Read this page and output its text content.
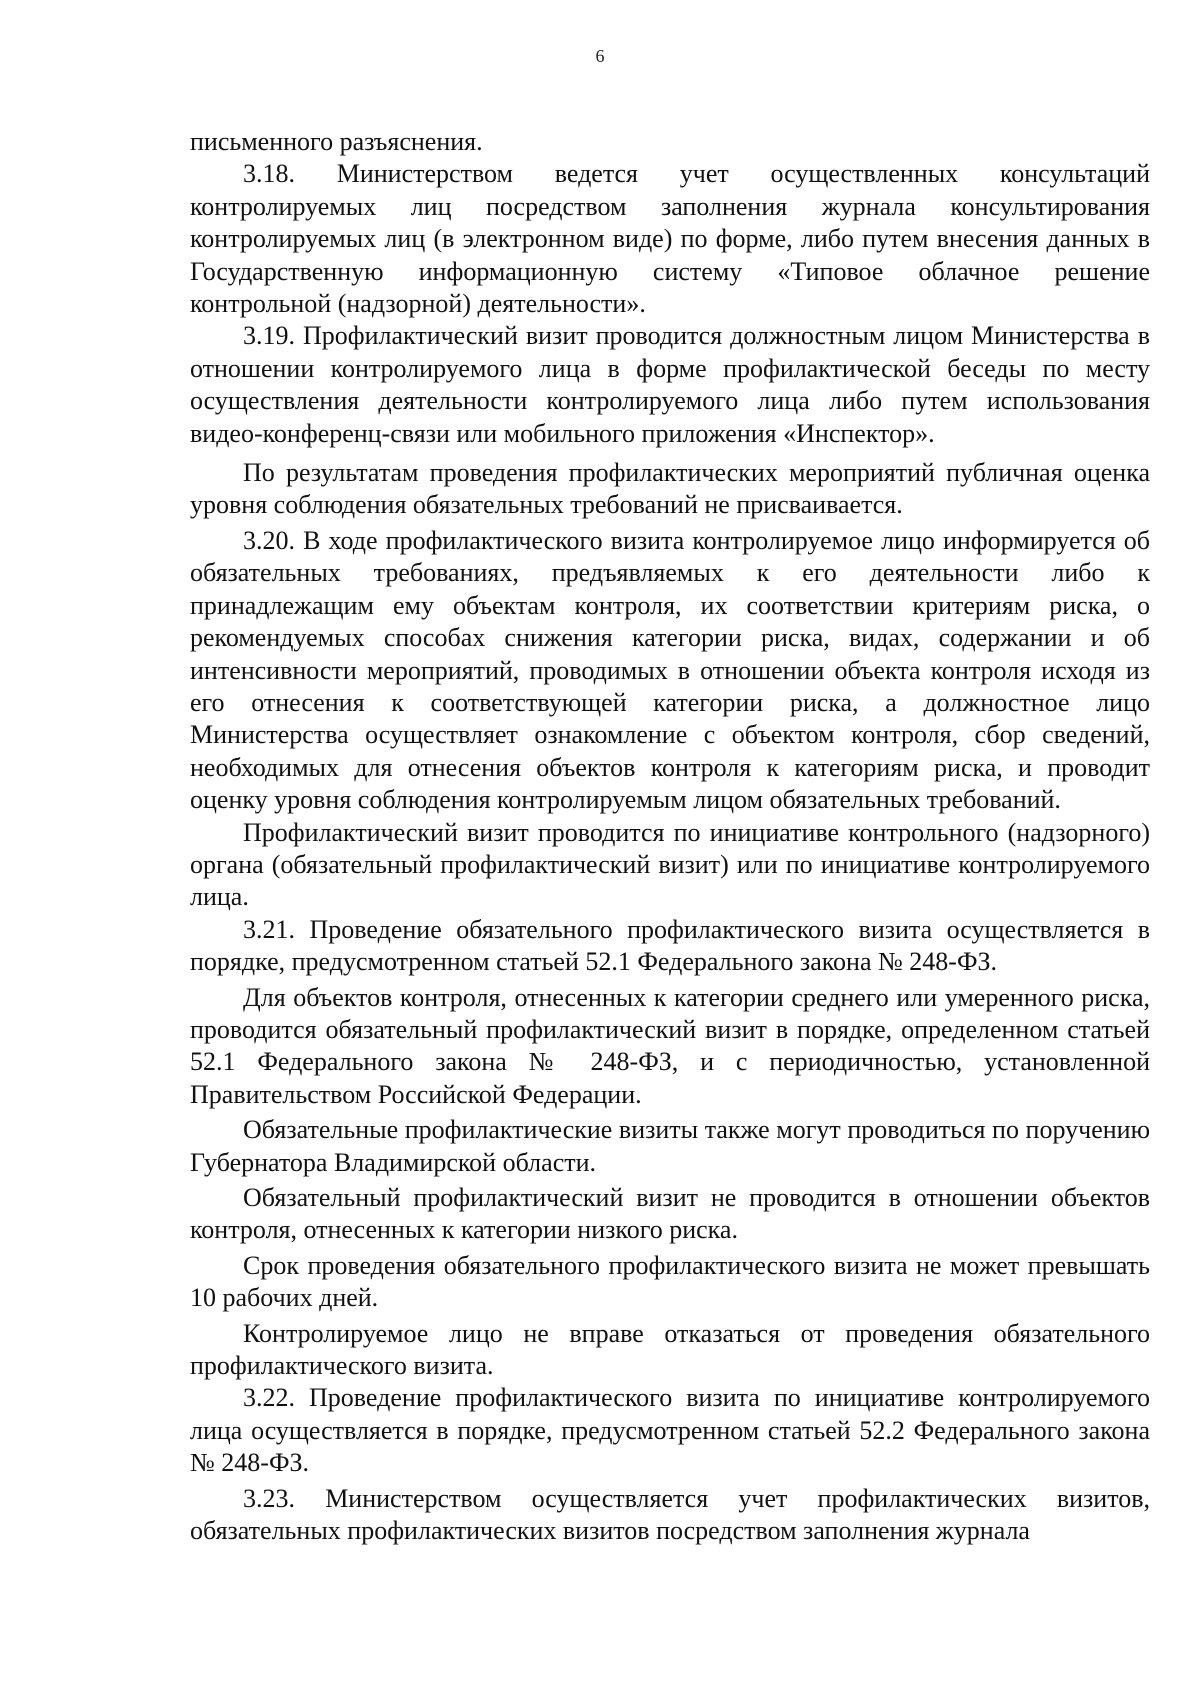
6

письменного разъяснения.

3.18. Министерством ведется учет осуществленных консультаций контролируемых лиц посредством заполнения журнала консультирования контролируемых лиц (в электронном виде) по форме, либо путем внесения данных в Государственную информационную систему «Типовое облачное решение контрольной (надзорной) деятельности».

3.19. Профилактический визит проводится должностным лицом Министерства в отношении контролируемого лица в форме профилактической беседы по месту осуществления деятельности контролируемого лица либо путем использования видео-конференц-связи или мобильного приложения «Инспектор».

По результатам проведения профилактических мероприятий публичная оценка уровня соблюдения обязательных требований не присваивается.

3.20. В ходе профилактического визита контролируемое лицо информируется об обязательных требованиях, предъявляемых к его деятельности либо к принадлежащим ему объектам контроля, их соответствии критериям риска, о рекомендуемых способах снижения категории риска, видах, содержании и об интенсивности мероприятий, проводимых в отношении объекта контроля исходя из его отнесения к соответствующей категории риска, а должностное лицо Министерства осуществляет ознакомление с объектом контроля, сбор сведений, необходимых для отнесения объектов контроля к категориям риска, и проводит оценку уровня соблюдения контролируемым лицом обязательных требований.

Профилактический визит проводится по инициативе контрольного (надзорного) органа (обязательный профилактический визит) или по инициативе контролируемого лица.

3.21. Проведение обязательного профилактического визита осуществляется в порядке, предусмотренном статьей 52.1 Федерального закона № 248-ФЗ.

Для объектов контроля, отнесенных к категории среднего или умеренного риска, проводится обязательный профилактический визит в порядке, определенном статьей 52.1 Федерального закона № 248-ФЗ, и с периодичностью, установленной Правительством Российской Федерации.

Обязательные профилактические визиты также могут проводиться по поручению Губернатора Владимирской области.

Обязательный профилактический визит не проводится в отношении объектов контроля, отнесенных к категории низкого риска.

Срок проведения обязательного профилактического визита не может превышать 10 рабочих дней.

Контролируемое лицо не вправе отказаться от проведения обязательного профилактического визита.

3.22. Проведение профилактического визита по инициативе контролируемого лица осуществляется в порядке, предусмотренном статьей 52.2 Федерального закона № 248-ФЗ.

3.23. Министерством осуществляется учет профилактических визитов, обязательных профилактических визитов посредством заполнения журнала
